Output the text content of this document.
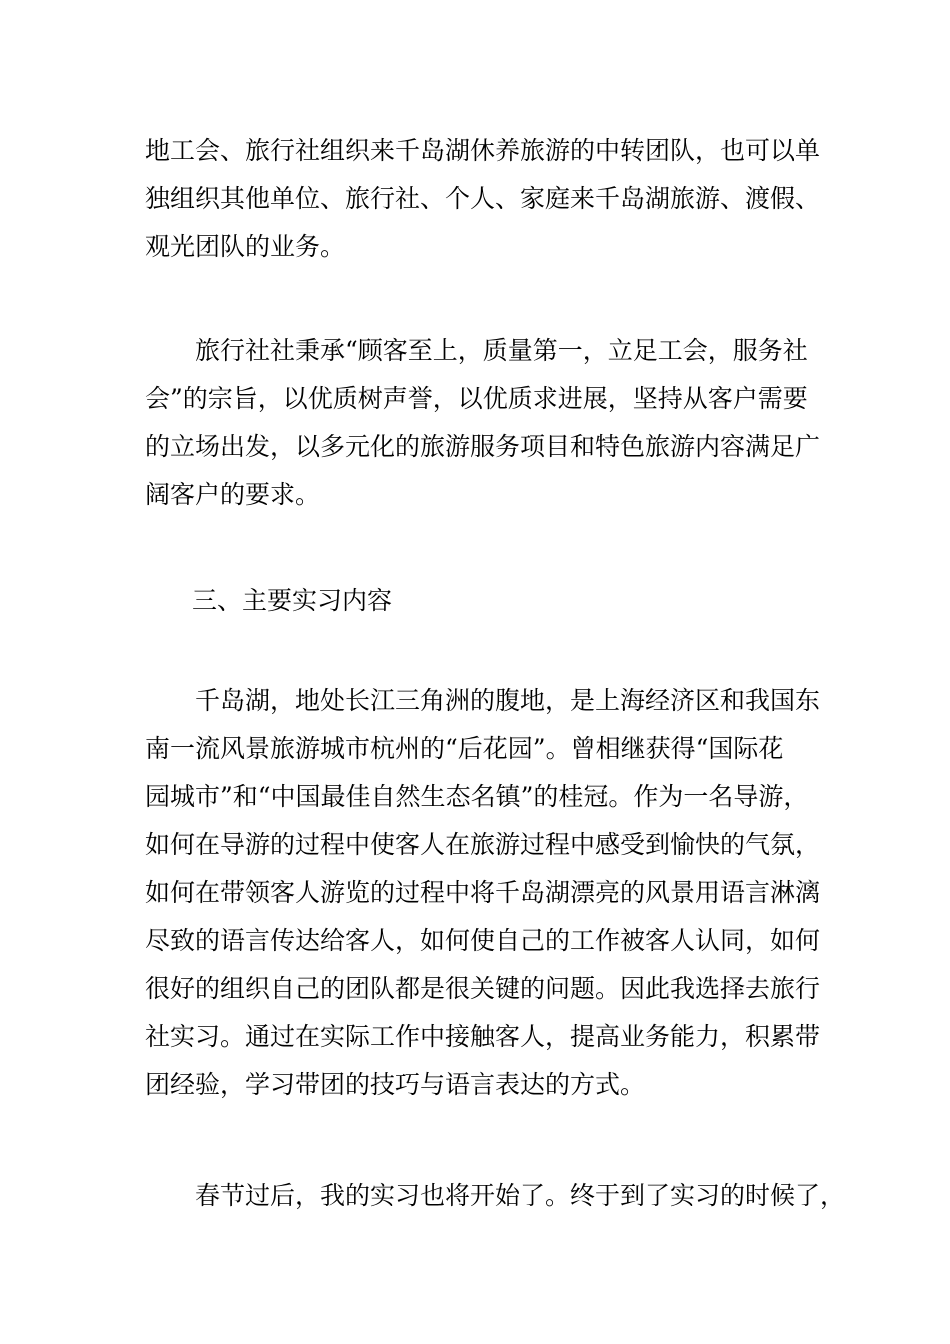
地工会、旅行社组织来千岛湖休养旅游的中转团队，也可以单
独组织其他单位、旅行社、个人、家庭来千岛湖旅游、渡假、
观光团队的业务。
　　旅行社社秉承“顾客至上，质量第一，立足工会，服务社
会”的宗旨，以优质树声誉，以优质求进展，坚持从客户需要
的立场出发，以多元化的旅游服务项目和特色旅游内容满足广
阔客户的要求。
三、主要实习内容
　　千岛湖，地处长江三角洲的腹地，是上海经济区和我国东
南一流风景旅游城市杭州的“后花园”。曾相继获得“国际花
园城市”和“中国最佳自然生态名镇”的桂冠。作为一名导游，
如何在导游的过程中使客人在旅游过程中感受到愉快的气氛，
如何在带领客人游览的过程中将千岛湖漂亮的风景用语言淋漓
尽致的语言传达给客人，如何使自己的工作被客人认同，如何
很好的组织自己的团队都是很关键的问题。因此我选择去旅行
社实习。通过在实际工作中接触客人，提高业务能力，积累带
团经验，学习带团的技巧与语言表达的方式。
　　春节过后，我的实习也将开始了。终于到了实习的时候了，
